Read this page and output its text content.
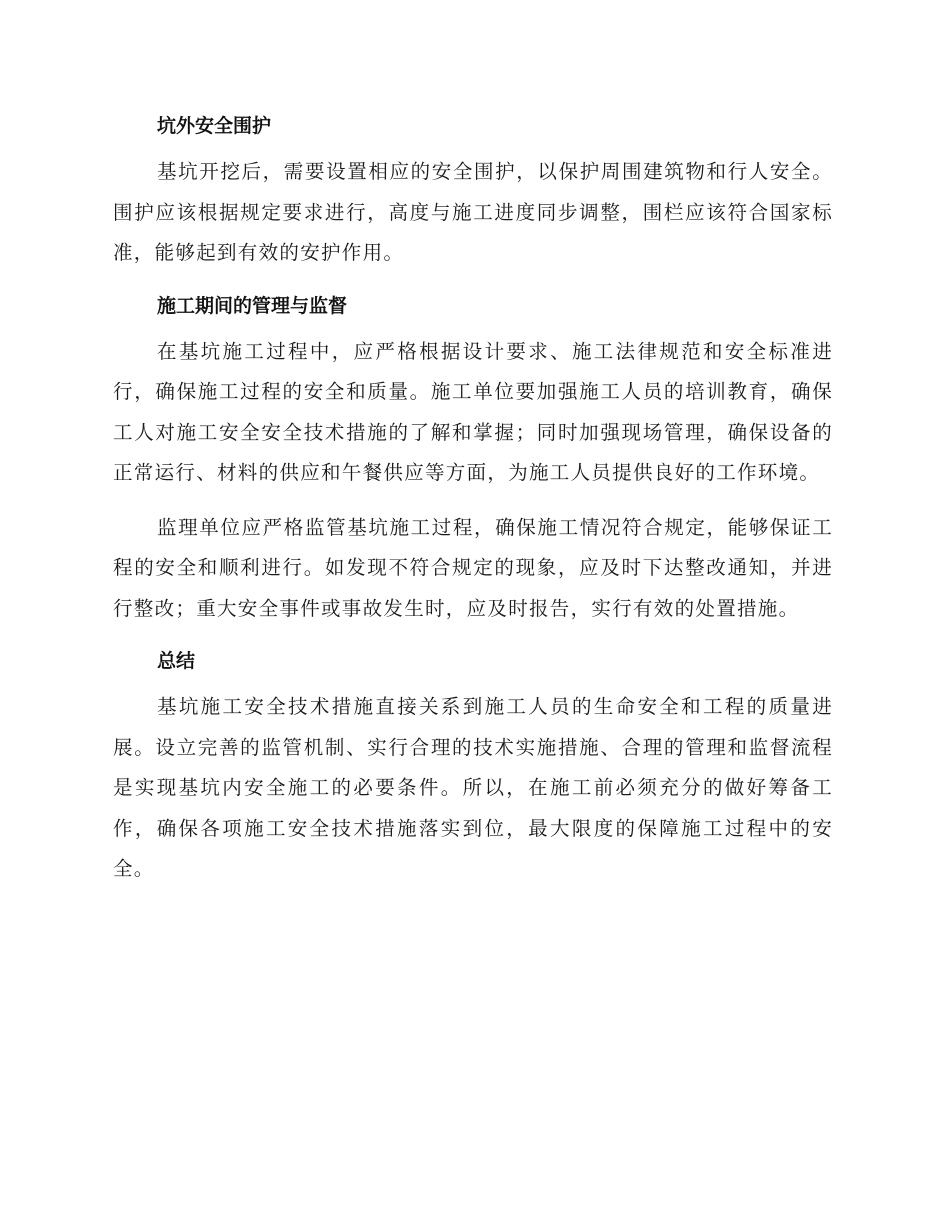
坑外安全围护

基坑开挖后，需要设置相应的安全围护，以保护周围建筑物和行人安全。围护应该根据规定要求进行，高度与施工进度同步调整，围栏应该符合国家标准，能够起到有效的安护作用。

施工期间的管理与监督

在基坑施工过程中，应严格根据设计要求、施工法律规范和安全标准进行，确保施工过程的安全和质量。施工单位要加强施工人员的培训教育，确保工人对施工安全安全技术措施的了解和掌握；同时加强现场管理，确保设备的正常运行、材料的供应和午餐供应等方面，为施工人员提供良好的工作环境。

监理单位应严格监管基坑施工过程，确保施工情况符合规定，能够保证工程的安全和顺利进行。如发现不符合规定的现象，应及时下达整改通知，并进行整改；重大安全事件或事故发生时，应及时报告，实行有效的处置措施。

总结

基坑施工安全技术措施直接关系到施工人员的生命安全和工程的质量进展。设立完善的监管机制、实行合理的技术实施措施、合理的管理和监督流程是实现基坑内安全施工的必要条件。所以，在施工前必须充分的做好筹备工作，确保各项施工安全技术措施落实到位，最大限度的保障施工过程中的安全。
